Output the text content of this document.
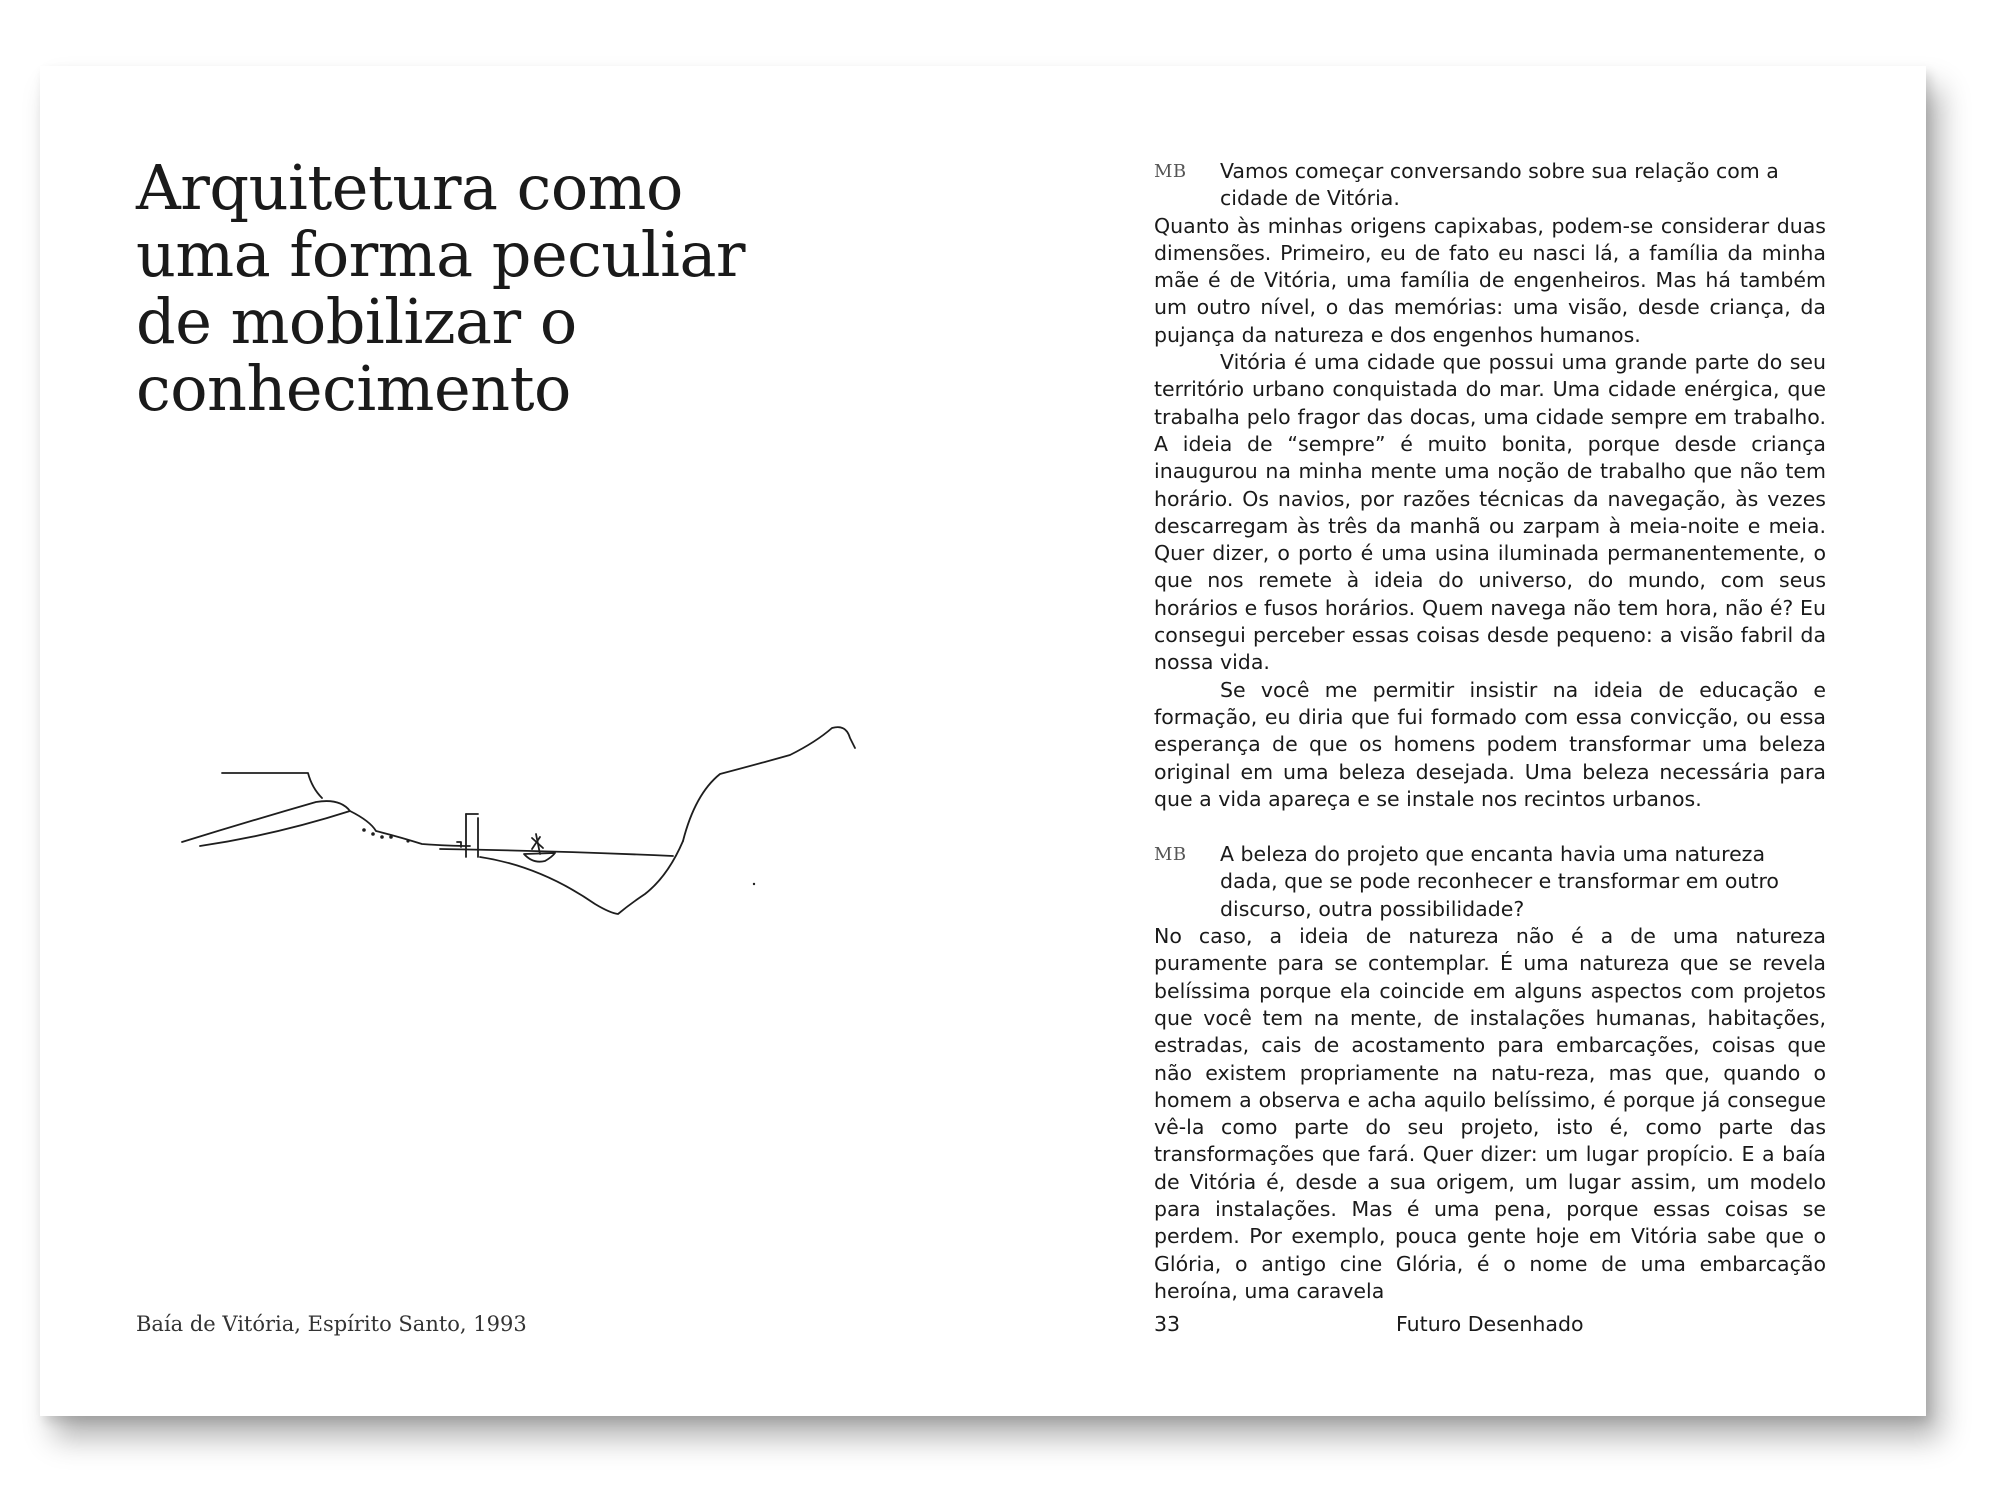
Arquitetura como uma forma peculiar de mobilizar o conhecimento

Baía de Vitória, Espírito Santo, 1993

MB	Vamos começar conversando sobre sua relação com a cidade de Vitória.

Quanto às minhas origens capixabas, podem-se considerar duas dimensões. Primeiro, eu de fato eu nasci lá, a família da minha mãe é de Vitória, uma família de engenheiros. Mas há também um outro nível, o das memórias: uma visão, desde criança, da pujança da natureza e dos engenhos humanos.

Vitória é uma cidade que possui uma grande parte do seu território urbano conquistada do mar. Uma cidade enérgica, que trabalha pelo fragor das docas, uma cidade sempre em trabalho. A ideia de “sempre” é muito bonita, porque desde criança inaugurou na minha mente uma noção de trabalho que não tem horário. Os navios, por razões técnicas da navegação, às vezes descarregam às três da manhã ou zarpam à meia-noite e meia. Quer dizer, o porto é uma usina iluminada permanentemente, o que nos remete à ideia do universo, do mundo, com seus horários e fusos horários. Quem navega não tem hora, não é? Eu consegui perceber essas coisas desde pequeno: a visão fabril da nossa vida.

Se você me permitir insistir na ideia de educação e formação, eu diria que fui formado com essa convicção, ou essa esperança de que os homens podem transformar uma beleza original em uma beleza desejada. Uma beleza necessária para que a vida apareça e se instale nos recintos urbanos.

MB	A beleza do projeto que encanta havia uma natureza dada, que se pode reconhecer e transformar em outro discurso, outra possibilidade?

No caso, a ideia de natureza não é a de uma natureza puramente para se contemplar. É uma natureza que se revela belíssima porque ela coincide em alguns aspectos com projetos que você tem na mente, de instalações humanas, habitações, estradas, cais de acostamento para embarcações, coisas que não existem propriamente na natu-reza, mas que, quando o homem a observa e acha aquilo belíssimo, é porque já consegue vê-la como parte do seu projeto, isto é, como parte das transformações que fará. Quer dizer: um lugar propício. E a baía de Vitória é, desde a sua origem, um lugar assim, um modelo para instalações. Mas é uma pena, porque essas coisas se perdem. Por exemplo, pouca gente hoje em Vitória sabe que o Glória, o antigo cine Glória, é o nome de uma embarcação heroína, uma caravela

33	Futuro Desenhado
